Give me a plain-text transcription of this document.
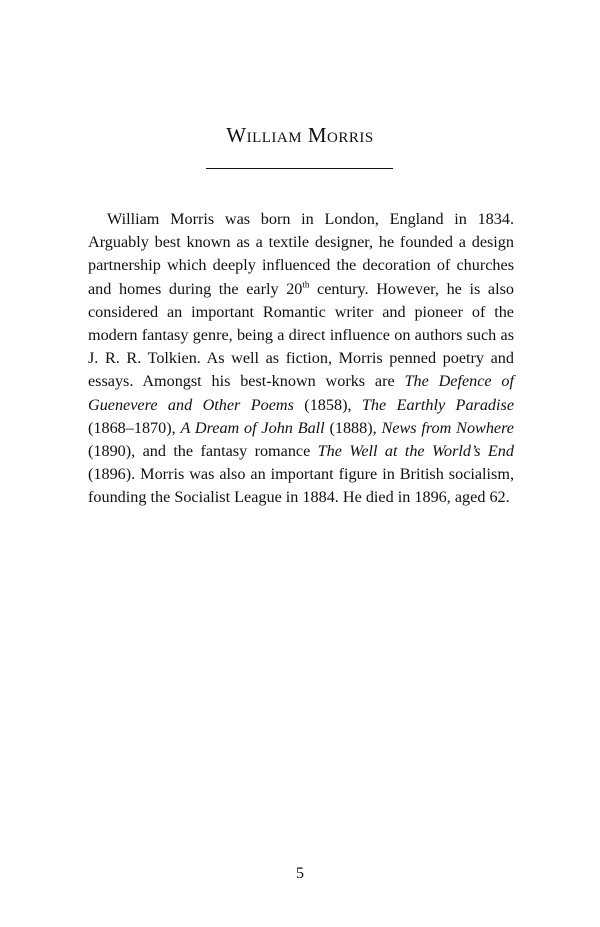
William Morris

William Morris was born in London, England in 1834. Arguably best known as a textile designer, he founded a design partnership which deeply influenced the decoration of churches and homes during the early 20th century. However, he is also considered an important Romantic writer and pioneer of the modern fantasy genre, being a direct influence on authors such as J. R. R. Tolkien. As well as fiction, Morris penned poetry and essays. Amongst his best-known works are The Defence of Guenevere and Other Poems (1858), The Earthly Paradise (1868–1870), A Dream of John Ball (1888), News from Nowhere (1890), and the fantasy romance The Well at the World’s End (1896). Morris was also an important figure in British socialism, founding the Socialist League in 1884. He died in 1896, aged 62.

5
